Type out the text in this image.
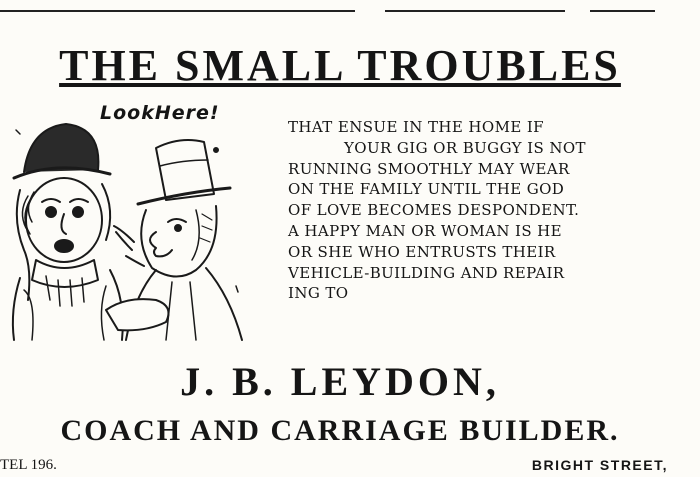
THE SMALL TROUBLES
LookHere!

THAT ENSUE IN THE HOME IF
YOUR GIG OR BUGGY IS NOT
RUNNING SMOOTHLY MAY WEAR
ON THE FAMILY UNTIL THE GOD
OF LOVE BECOMES DESPONDENT.
A HAPPY MAN OR WOMAN IS HE
OR SHE WHO ENTRUSTS THEIR
VEHICLE-BUILDING AND REPAIR
ING TO

J. B. LEYDON,
COACH AND CARRIAGE BUILDER.
TEL 196.	BRIGHT STREET,
